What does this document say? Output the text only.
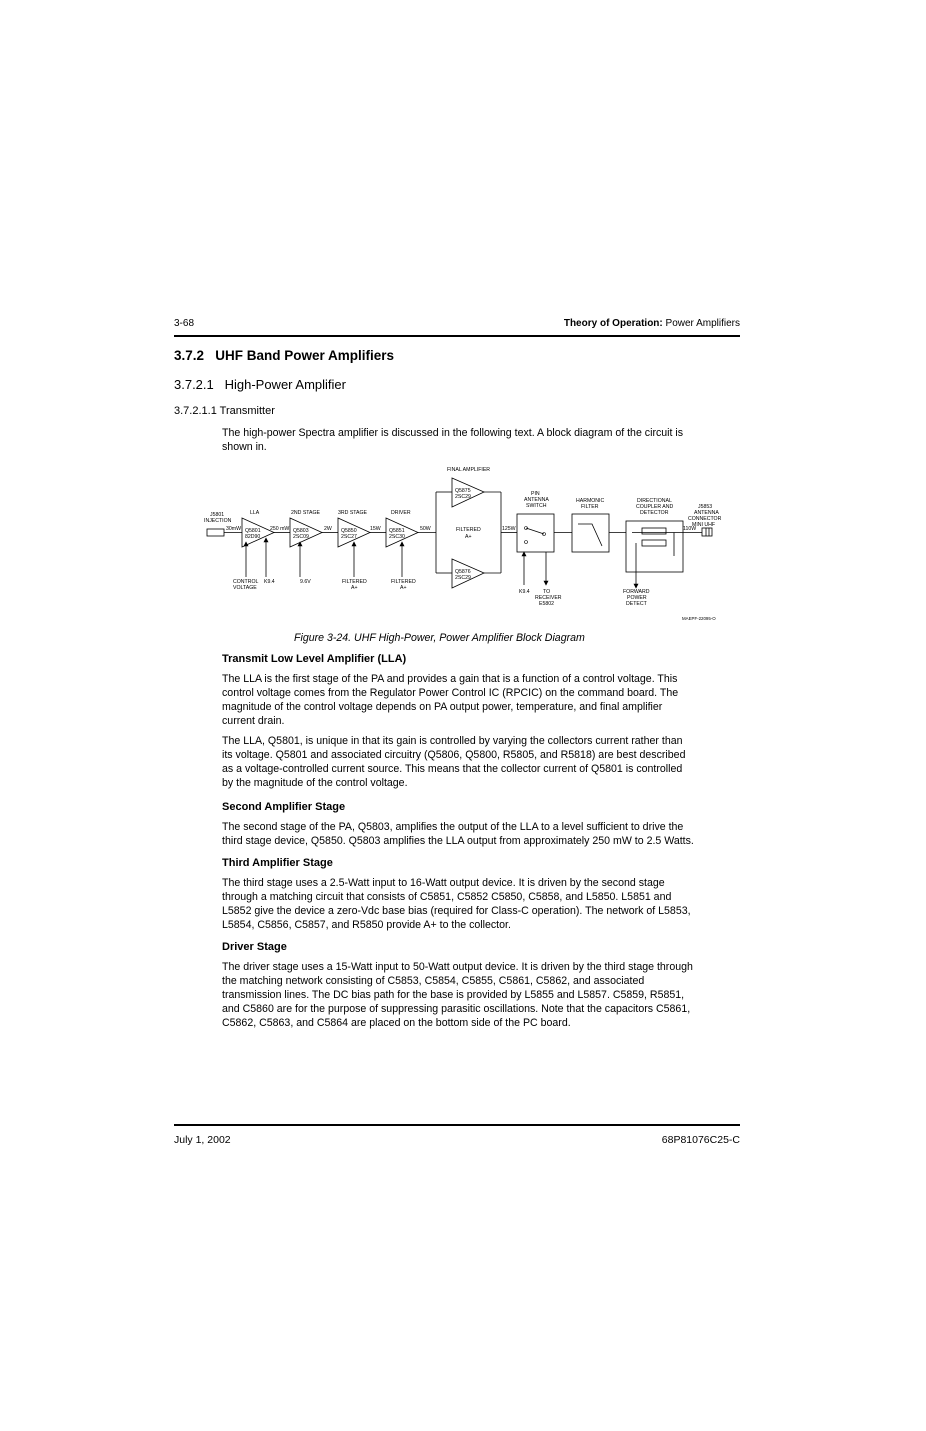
3-68	Theory of Operation: Power Amplifiers
3.7.2   UHF Band Power Amplifiers
3.7.2.1   High-Power Amplifier
3.7.2.1.1 Transmitter

The high-power Spectra amplifier is discussed in the following text. A block diagram of the circuit is
shown in.

FINAL AMPLIFIER
Q5875
2SC29
Q5876
2SC29
J5801
INJECTION
LLA	2ND STAGE	3RD STAGE	DRIVER
Q5801
82D90
Q5803
2SC09
Q5850
2SC27
Q5851
2SC30
30mW	250 mW	2W	15W	50W	125W	110W
FILTERED
A+
PIN
ANTENNA
SWITCH
HARMONIC
FILTER
DIRECTIONAL
COUPLER AND
DETECTOR
J5853
ANTENNA
CONNECTOR
MINI UHF
CONTROL
VOLTAGE
K9.4	9.6V	FILTERED
A+
FILTERED
A+
K9.4	TO
RECEIVER
E5802
FORWARD
POWER
DETECT
MAEPF-22095-O
Figure 3-24. UHF High-Power, Power Amplifier Block Diagram

Transmit Low Level Amplifier (LLA)

The LLA is the first stage of the PA and provides a gain that is a function of a control voltage. This
control voltage comes from the Regulator Power Control IC (RPCIC) on the command board. The
magnitude of the control voltage depends on PA output power, temperature, and final amplifier
current drain.

The LLA, Q5801, is unique in that its gain is controlled by varying the collectors current rather than
its voltage. Q5801 and associated circuitry (Q5806, Q5800, R5805, and R5818) are best described
as a voltage-controlled current source. This means that the collector current of Q5801 is controlled
by the magnitude of the control voltage.

Second Amplifier Stage

The second stage of the PA, Q5803, amplifies the output of the LLA to a level sufficient to drive the
third stage device, Q5850. Q5803 amplifies the LLA output from approximately 250 mW to 2.5 Watts.

Third Amplifier Stage

The third stage uses a 2.5-Watt input to 16-Watt output device. It is driven by the second stage
through a matching circuit that consists of C5851, C5852 C5850, C5858, and L5850. L5851 and
L5852 give the device a zero-Vdc base bias (required for Class-C operation). The network of L5853,
L5854, C5856, C5857, and R5850 provide A+ to the collector.

Driver Stage

The driver stage uses a 15-Watt input to 50-Watt output device. It is driven by the third stage through
the matching network consisting of C5853, C5854, C5855, C5861, C5862, and associated
transmission lines. The DC bias path for the base is provided by L5855 and L5857. C5859, R5851,
and C5860 are for the purpose of suppressing parasitic oscillations. Note that the capacitors C5861,
C5862, C5863, and C5864 are placed on the bottom side of the PC board.

July 1, 2002	68P81076C25-C
